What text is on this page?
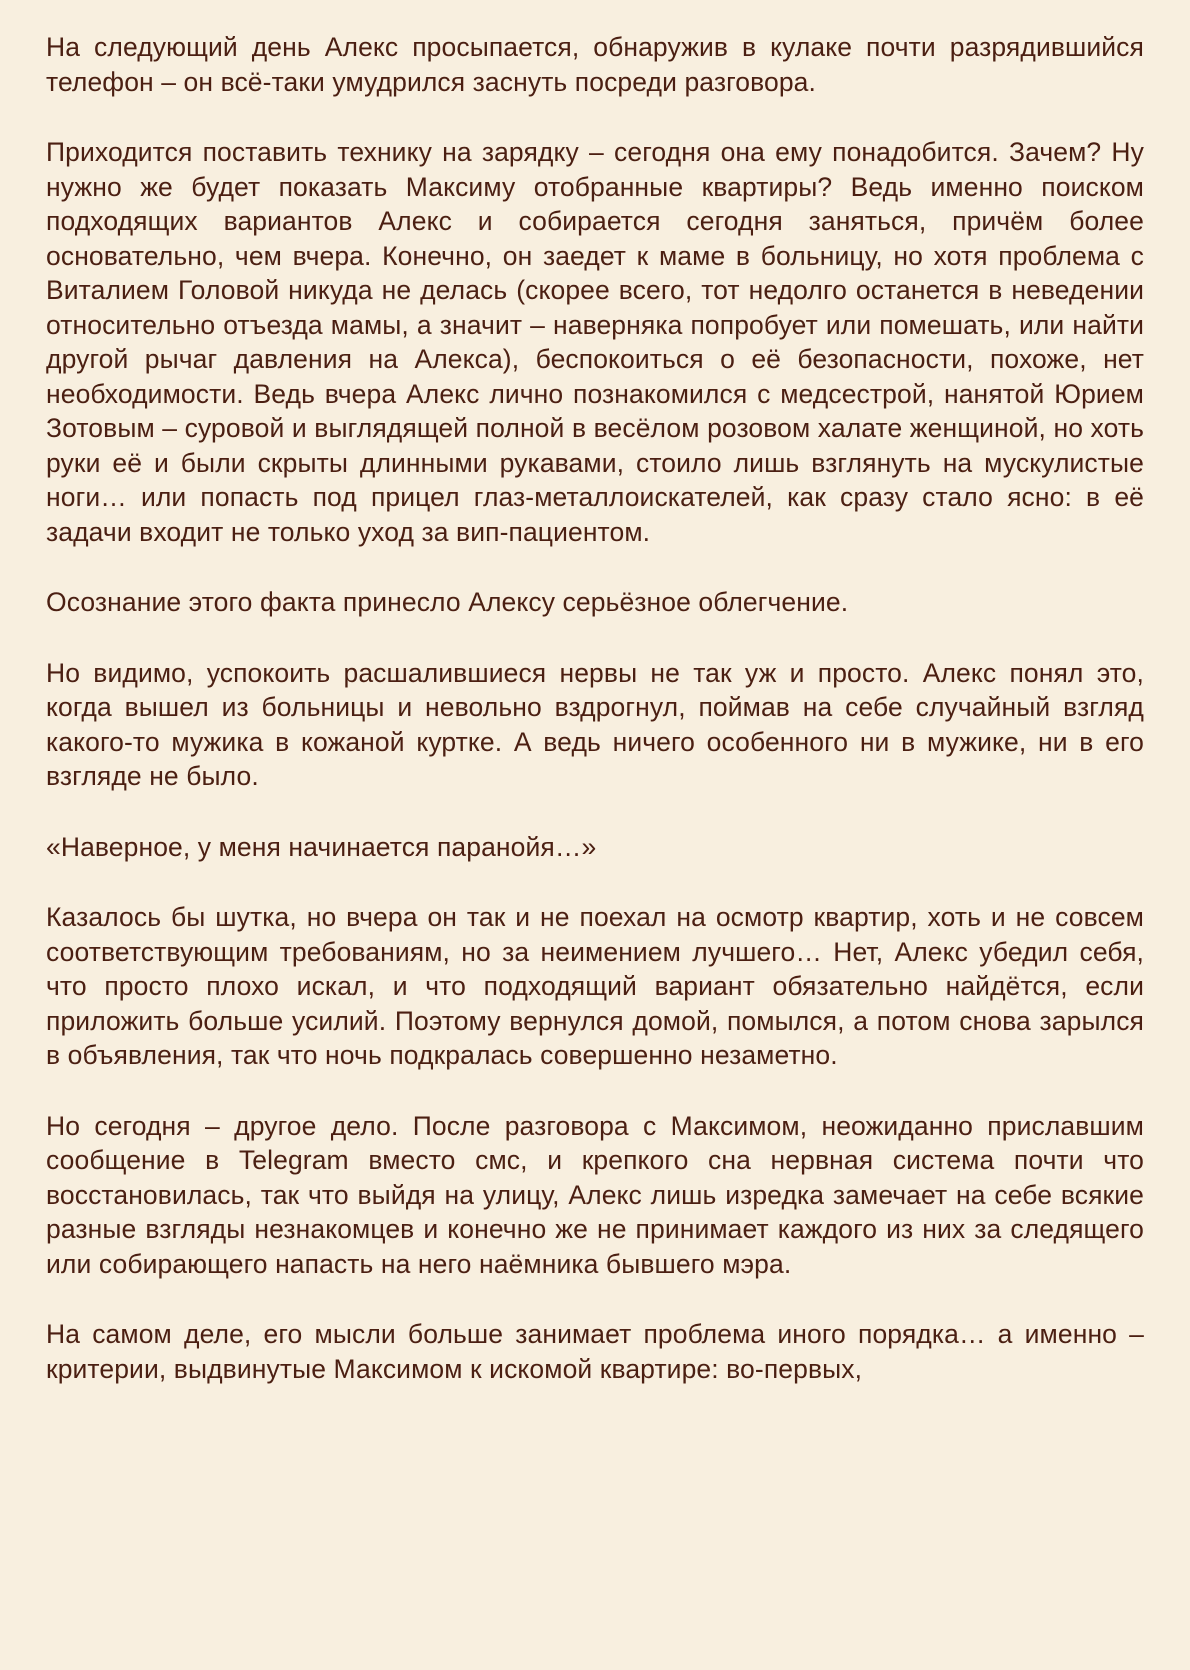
На следующий день Алекс просыпается, обнаружив в кулаке почти разрядившийся телефон – он всё-таки умудрился заснуть посреди разговора.

Приходится поставить технику на зарядку – сегодня она ему понадобится. Зачем? Ну нужно же будет показать Максиму отобранные квартиры? Ведь именно поиском подходящих вариантов Алекс и собирается сегодня заняться, причём более основательно, чем вчера. Конечно, он заедет к маме в больницу, но хотя проблема с Виталием Головой никуда не делась (скорее всего, тот недолго останется в неведении относительно отъезда мамы, а значит – наверняка попробует или помешать, или найти другой рычаг давления на Алекса), беспокоиться о её безопасности, похоже, нет необходимости. Ведь вчера Алекс лично познакомился с медсестрой, нанятой Юрием Зотовым – суровой и выглядящей полной в весёлом розовом халате женщиной, но хоть руки её и были скрыты длинными рукавами, стоило лишь взглянуть на мускулистые ноги… или попасть под прицел глаз-металлоискателей, как сразу стало ясно: в её задачи входит не только уход за вип-пациентом.

Осознание этого факта принесло Алексу серьёзное облегчение.

Но видимо, успокоить расшалившиеся нервы не так уж и просто. Алекс понял это, когда вышел из больницы и невольно вздрогнул, поймав на себе случайный взгляд какого-то мужика в кожаной куртке. А ведь ничего особенного ни в мужике, ни в его взгляде не было.

«Наверное, у меня начинается паранойя…»

Казалось бы шутка, но вчера он так и не поехал на осмотр квартир, хоть и не совсем соответствующим требованиям, но за неимением лучшего… Нет, Алекс убедил себя, что просто плохо искал, и что подходящий вариант обязательно найдётся, если приложить больше усилий. Поэтому вернулся домой, помылся, а потом снова зарылся в объявления, так что ночь подкралась совершенно незаметно.

Но сегодня – другое дело. После разговора с Максимом, неожиданно приславшим сообщение в Telegram вместо смс, и крепкого сна нервная система почти что восстановилась, так что выйдя на улицу, Алекс лишь изредка замечает на себе всякие разные взгляды незнакомцев и конечно же не принимает каждого из них за следящего или собирающего напасть на него наёмника бывшего мэра.

На самом деле, его мысли больше занимает проблема иного порядка… а именно – критерии, выдвинутые Максимом к искомой квартире: во-первых,
